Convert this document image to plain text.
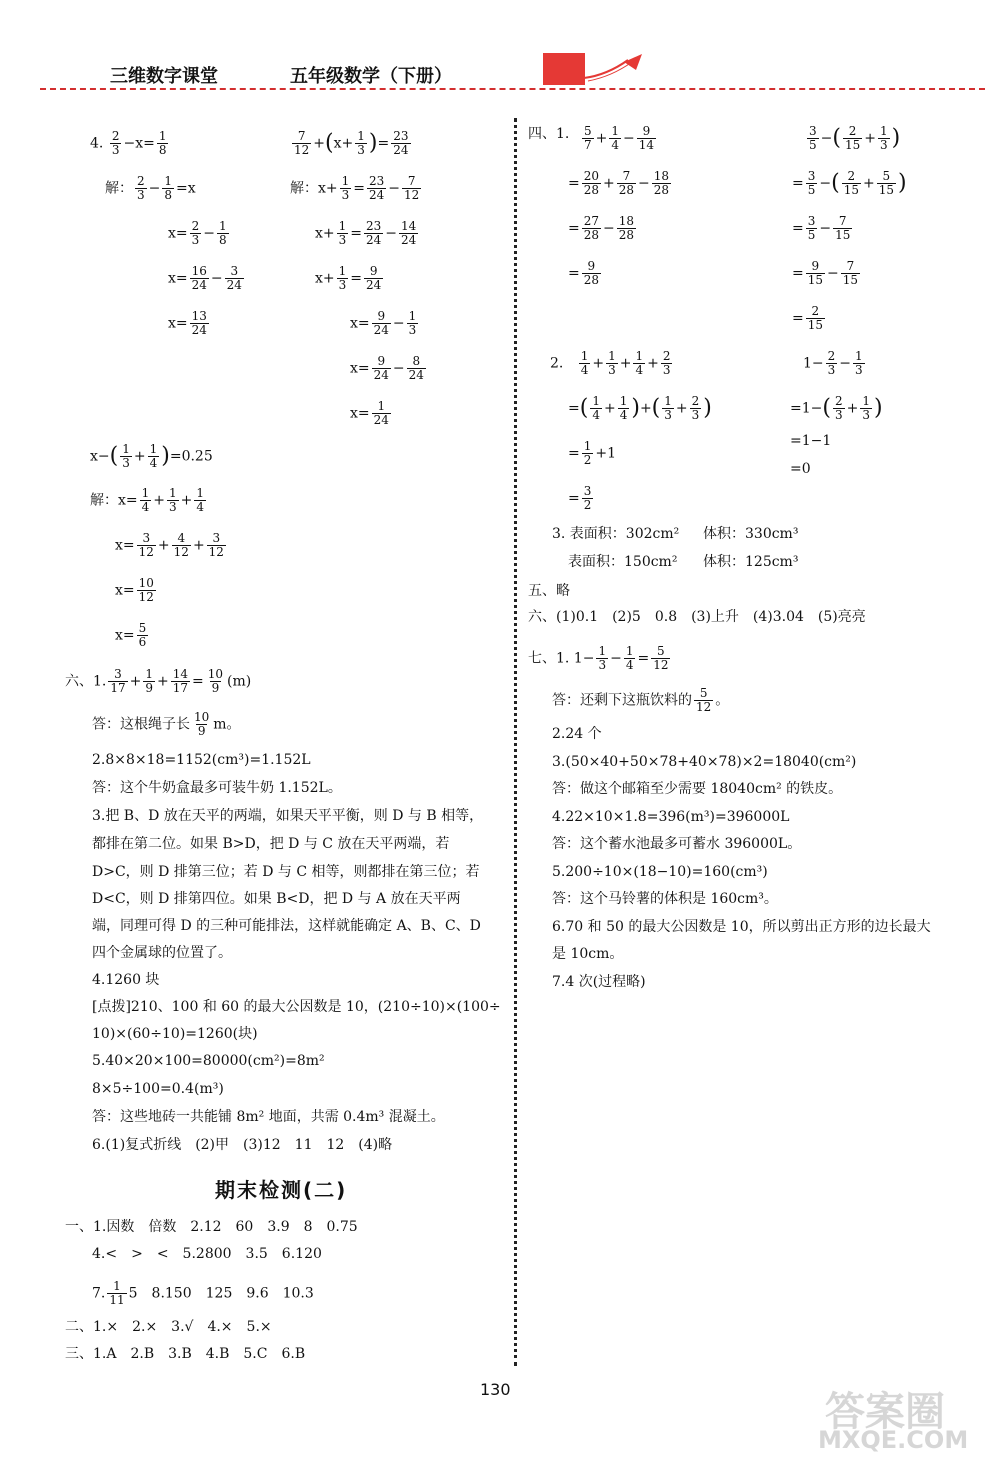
三维数字课堂	五年级数学（下册）
4. $\frac{2}{3} -x= \frac{1}{8}$
解： $\frac{2}{3} - \frac{1}{8} =x$
$x= \frac{2}{3} - \frac{1}{8}$
$x= \frac{16}{24} - \frac{3}{24}$
$x= \frac{13}{24}$
$\frac{7}{12} +(x+ \frac{1}{3}$ )= $\frac{23}{24}$
解：$x+ \frac{1}{3} = \frac{23}{24} - \frac{7}{12}$
$x+ \frac{1}{3} = \frac{23}{24} - \frac{14}{24}$
$x+ \frac{1}{3} = \frac{9}{24}$
$x= \frac{9}{24} - \frac{1}{3}$
$x= \frac{9}{24} - \frac{8}{24}$
$x= \frac{1}{24}$
$x-( \frac{1}{3} + \frac{1}{4} )=0.25$
解：$x= \frac{1}{4} + \frac{1}{3} + \frac{1}{4}$
$x= \frac{3}{12} + \frac{4}{12} + \frac{3}{12}$
$x= \frac{10}{12}$
$x= \frac{5}{6}$
六、1. $\frac{3}{17} + \frac{1}{9} + \frac{14}{17} = \frac{10}{9} (m)$
答：这根绳子长 $\frac{10}{9}$ m。
2.8×8×18=1152(cm³)=1.152L
答：这个牛奶盒最多可装牛奶 1.152L。
3.把 B、D 放在天平的两端，如果天平平衡，则 D 与 B 相等，
都排在第二位。如果 B>D，把 D 与 C 放在天平两端，若
D>C，则 D 排第三位；若 D 与 C 相等，则都排在第三位；若
D<C，则 D 排第四位。如果 B<D，把 D 与 A 放在天平两
端，同理可得 D 的三种可能排法，这样就能确定 A、B、C、D
四个金属球的位置了。
4.1260 块
[点拨]210、100 和 60 的最大公因数是 10，(210÷10)×(100÷
10)×(60÷10)=1260(块)
5.40×20×100=80000(cm²)=8m²
8×5÷100=0.4(m³)
答：这些地砖一共能铺 8m² 地面，共需 0.4m³ 混凝土。
6.(1)复式折线　(2)甲　(3)12　11　12　(4)略
期末检测(二)
一、1.因数　倍数　2.12　60　3.9　8　0.75
4.<　>　<　5.2800　3.5　6.120
7. $\frac{1}{11} 5$　8.150　125　9.6　10.3
二、1.×　2.×　3.√　4.×　5.×
三、1.A　2.B　3.B　4.B　5.C　6.B
四、1. $\frac{5}{7} + \frac{1}{4} - \frac{9}{14}$
= $\frac{20}{28} + \frac{7}{28} - \frac{18}{28}$
= $\frac{27}{28} - \frac{18}{28}$
= $\frac{9}{28}$
$\frac{3}{5}$ −( $\frac{2}{15} + \frac{1}{3}$ )
= $\frac{3}{5}$ −( $\frac{2}{15} + \frac{5}{15}$ )
= $\frac{3}{5} - \frac{7}{15}$
= $\frac{9}{15} - \frac{7}{15}$
= $\frac{2}{15}$
2. $\frac{1}{4} + \frac{1}{3} + \frac{1}{4} + \frac{2}{3}$
=( $\frac{1}{4} + \frac{1}{4}$ )+( $\frac{1}{3} + \frac{2}{3}$ )
= $\frac{1}{2} +1$
= $\frac{3}{2}$
$1- \frac{2}{3} - \frac{1}{3}$
$=1-( \frac{2}{3} + \frac{1}{3}$ )
=1−1
=0
3. 表面积：302cm² 体积：330cm³
表面积：150cm² 体积：125cm³
五、略
六、(1)0.1　(2)5　0.8　(3)上升　(4)3.04　(5)亮亮
七、1. $1- \frac{1}{3} - \frac{1}{4} = \frac{5}{12}$
答：还剩下这瓶饮料的 $\frac{5}{12}$ 。
2.24 个
3.(50×40+50×78+40×78)×2=18040(cm²)
答：做这个邮箱至少需要 18040cm² 的铁皮。
4.22×10×1.8=396(m³)=396000L
答：这个蓄水池最多可蓄水 396000L。
5.200÷10×(18−10)=160(cm³)
答：这个马铃薯的体积是 160cm³。
6.70 和 50 的最大公因数是 10，所以剪出正方形的边长最大
是 10cm。
7.4 次(过程略)
130	答案圈
MXQE.COM
